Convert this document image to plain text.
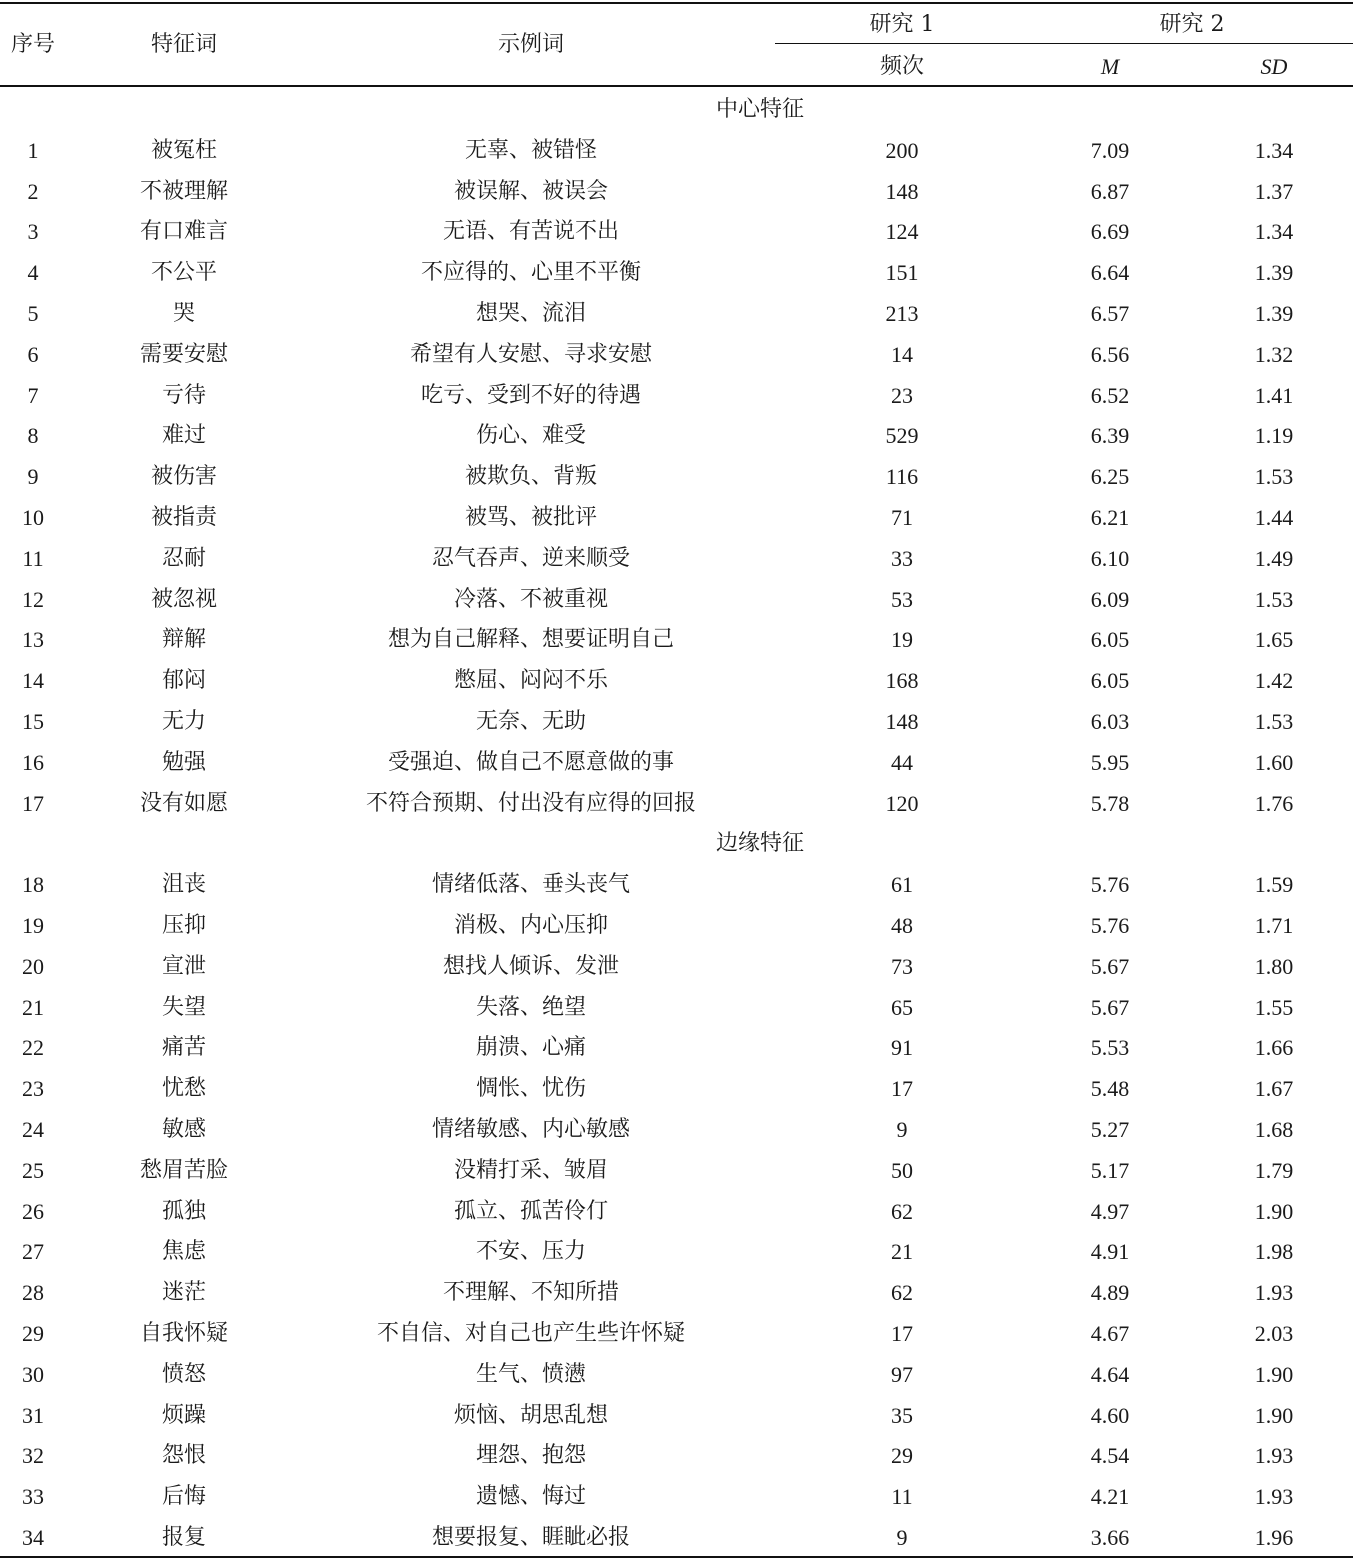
序号	特征词	示例词
研究 1	研究 2
频次	M	SD
中心特征
1	被冤枉	无辜、被错怪	200	7.09	1.34
2	不被理解	被误解、被误会	148	6.87	1.37
3	有口难言	无语、有苦说不出	124	6.69	1.34
4	不公平	不应得的、心里不平衡	151	6.64	1.39
5	哭	想哭、流泪	213	6.57	1.39
6	需要安慰	希望有人安慰、寻求安慰	14	6.56	1.32
7	亏待	吃亏、受到不好的待遇	23	6.52	1.41
8	难过	伤心、难受	529	6.39	1.19
9	被伤害	被欺负、背叛	116	6.25	1.53
10	被指责	被骂、被批评	71	6.21	1.44
11	忍耐	忍气吞声、逆来顺受	33	6.10	1.49
12	被忽视	冷落、不被重视	53	6.09	1.53
13	辩解	想为自己解释、想要证明自己	19	6.05	1.65
14	郁闷	憋屈、闷闷不乐	168	6.05	1.42
15	无力	无奈、无助	148	6.03	1.53
16	勉强	受强迫、做自己不愿意做的事	44	5.95	1.60
17	没有如愿	不符合预期、付出没有应得的回报	120	5.78	1.76
边缘特征
18	沮丧	情绪低落、垂头丧气	61	5.76	1.59
19	压抑	消极、内心压抑	48	5.76	1.71
20	宣泄	想找人倾诉、发泄	73	5.67	1.80
21	失望	失落、绝望	65	5.67	1.55
22	痛苦	崩溃、心痛	91	5.53	1.66
23	忧愁	惆怅、忧伤	17	5.48	1.67
24	敏感	情绪敏感、内心敏感	9	5.27	1.68
25	愁眉苦脸	没精打采、皱眉	50	5.17	1.79
26	孤独	孤立、孤苦伶仃	62	4.97	1.90
27	焦虑	不安、压力	21	4.91	1.98
28	迷茫	不理解、不知所措	62	4.89	1.93
29	自我怀疑	不自信、对自己也产生些许怀疑	17	4.67	2.03
30	愤怒	生气、愤懑	97	4.64	1.90
31	烦躁	烦恼、胡思乱想	35	4.60	1.90
32	怨恨	埋怨、抱怨	29	4.54	1.93
33	后悔	遗憾、悔过	11	4.21	1.93
34	报复	想要报复、睚眦必报	9	3.66	1.96
